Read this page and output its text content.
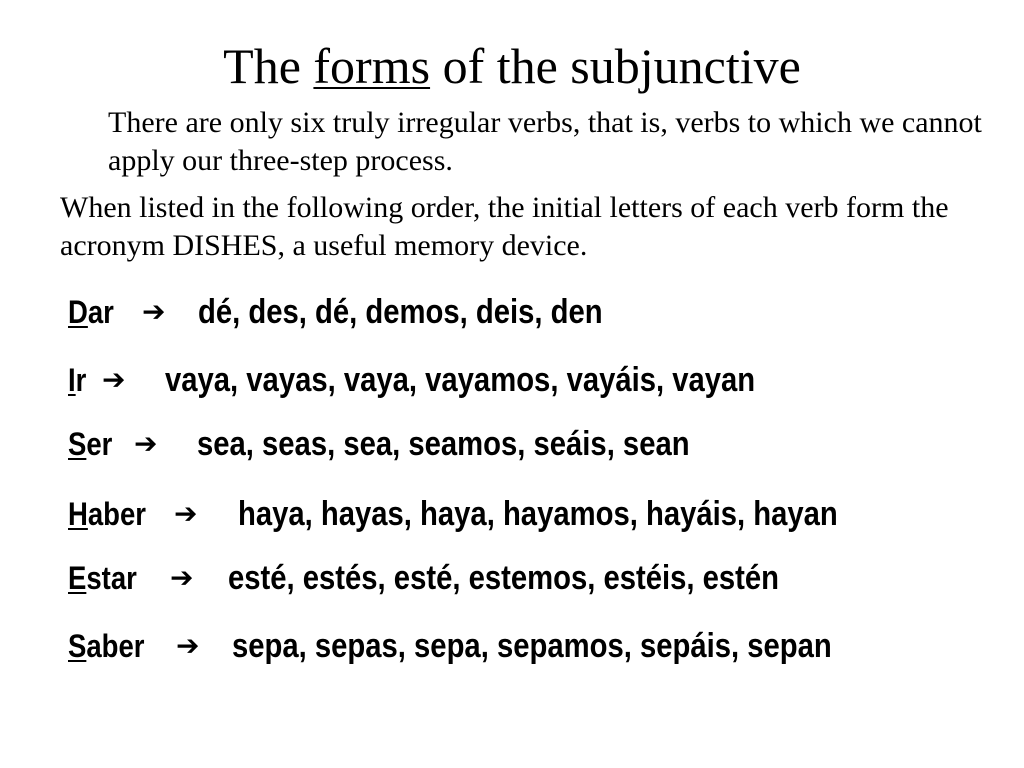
The forms of the subjunctive
There are only six truly irregular verbs, that is, verbs to which we cannot apply our three-step process.
When listed in the following order, the initial letters of each verb form the acronym DISHES, a useful memory device.
Dar ➔ dé, des, dé, demos, deis, den
Ir ➔ vaya, vayas, vaya, vayamos, vayáis, vayan
Ser ➔ sea, seas, sea, seamos, seáis, sean
Haber ➔ haya, hayas, haya, hayamos, hayáis, hayan
Estar ➔ esté, estés, esté, estemos, estéis, estén
Saber ➔ sepa, sepas, sepa, sepamos, sepáis, sepan
